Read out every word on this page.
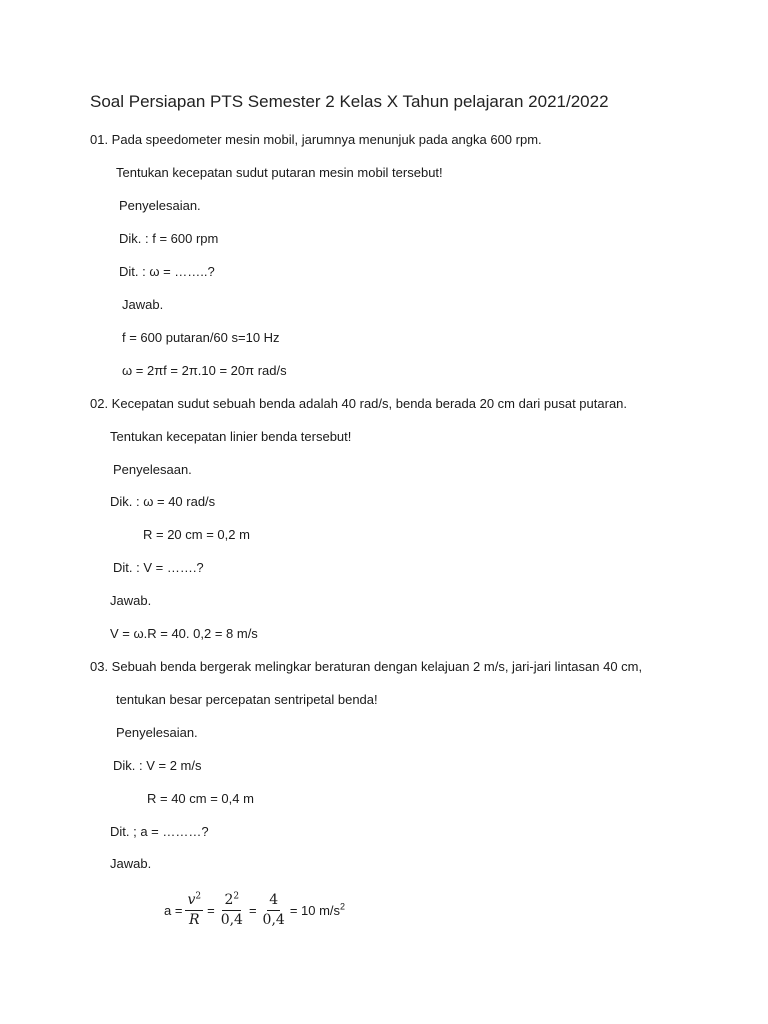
Soal Persiapan PTS Semester 2 Kelas X Tahun pelajaran 2021/2022
01. Pada speedometer mesin mobil, jarumnya menunjuk pada angka 600 rpm.
Tentukan kecepatan sudut putaran mesin mobil tersebut!
Penyelesaian.
Dik. : f = 600 rpm
Dit. : ω = ……..?
Jawab.
f = 600 putaran/60 s=10 Hz
ω = 2πf = 2π.10 = 20π rad/s
02. Kecepatan sudut sebuah benda adalah 40 rad/s, benda berada 20 cm dari pusat putaran.
Tentukan kecepatan linier benda tersebut!
Penyelesaan.
Dik. : ω = 40 rad/s
R = 20 cm = 0,2 m
Dit. : V = …….?
Jawab.
V = ω.R = 40. 0,2 = 8 m/s
03. Sebuah benda bergerak melingkar beraturan dengan kelajuan 2 m/s, jari-jari lintasan 40 cm,
tentukan besar percepatan sentripetal benda!
Penyelesaian.
Dik. : V = 2 m/s
R = 40 cm = 0,4 m
Dit. ; a = ………?
Jawab.
$a = \frac{v^2}{R} = \frac{2^2}{0,4} = \frac{4}{0,4} = 10$ $m/s^2$
